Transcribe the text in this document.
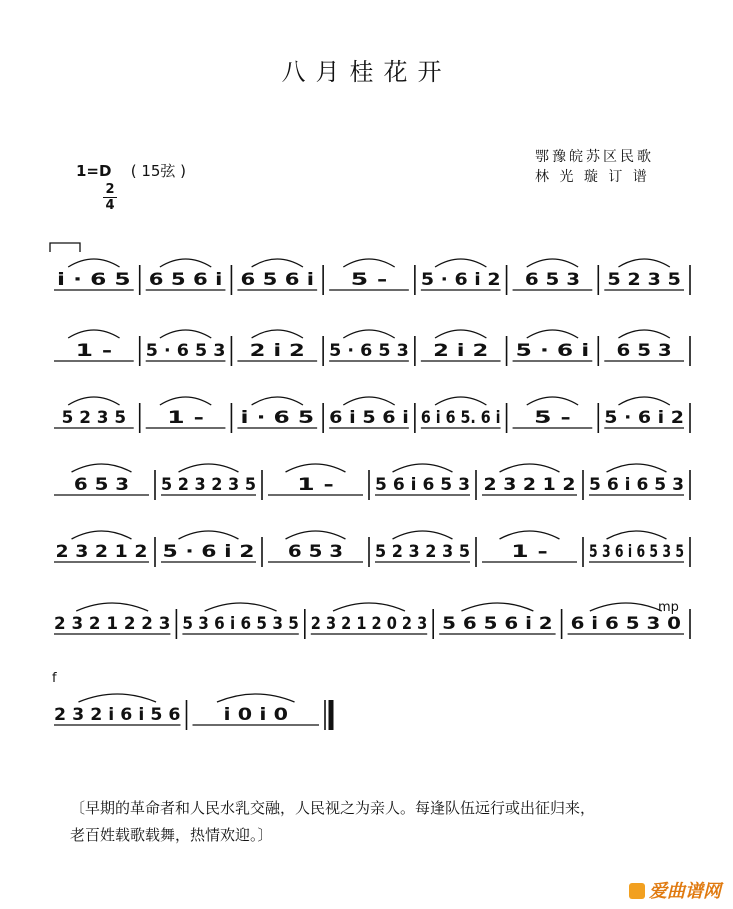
八月桂花开
鄂豫皖苏区民歌
林 光 璇 订 谱
1=D ( 15弦 )
2
4
i · 6 5 6 5 6 i 6 5 6 i 5 - 5 · 6 i 2 6 5 3 5 2 3 5
1 - 5 · 6 5 3 2 i 2 5 · 6 5 3 2 i 2 5 · 6 i 6 5 3
5 2 3 5 1 - i · 6 5 6 i 5 6 i 6 i 6 5. 6 i 5 - 5 · 6 i 2
6 5 3 5 2 3 2 3 5 1 - 5 6 i 6 5 3 2 3 2 1 2 5 6 i 6 5 3
2 3 2 1 2 5 · 6 i 2 6 5 3 5 2 3 2 3 5 1 - 5 3 6 i 6 5 3 5
2 3 2 1 2 2 3 5 3 6 i 6 5 3 5 2 3 2 1 2 0 2 3 5 6 5 6 i 2 6 i 6 5 3 0
2 3 2 i 6 i 5 6	i 0 i 0
mp
f
〔早期的革命者和人民水乳交融，人民视之为亲人。每逢队伍远行或出征归来，
老百姓载歌载舞，热情欢迎。〕
爱曲谱网
